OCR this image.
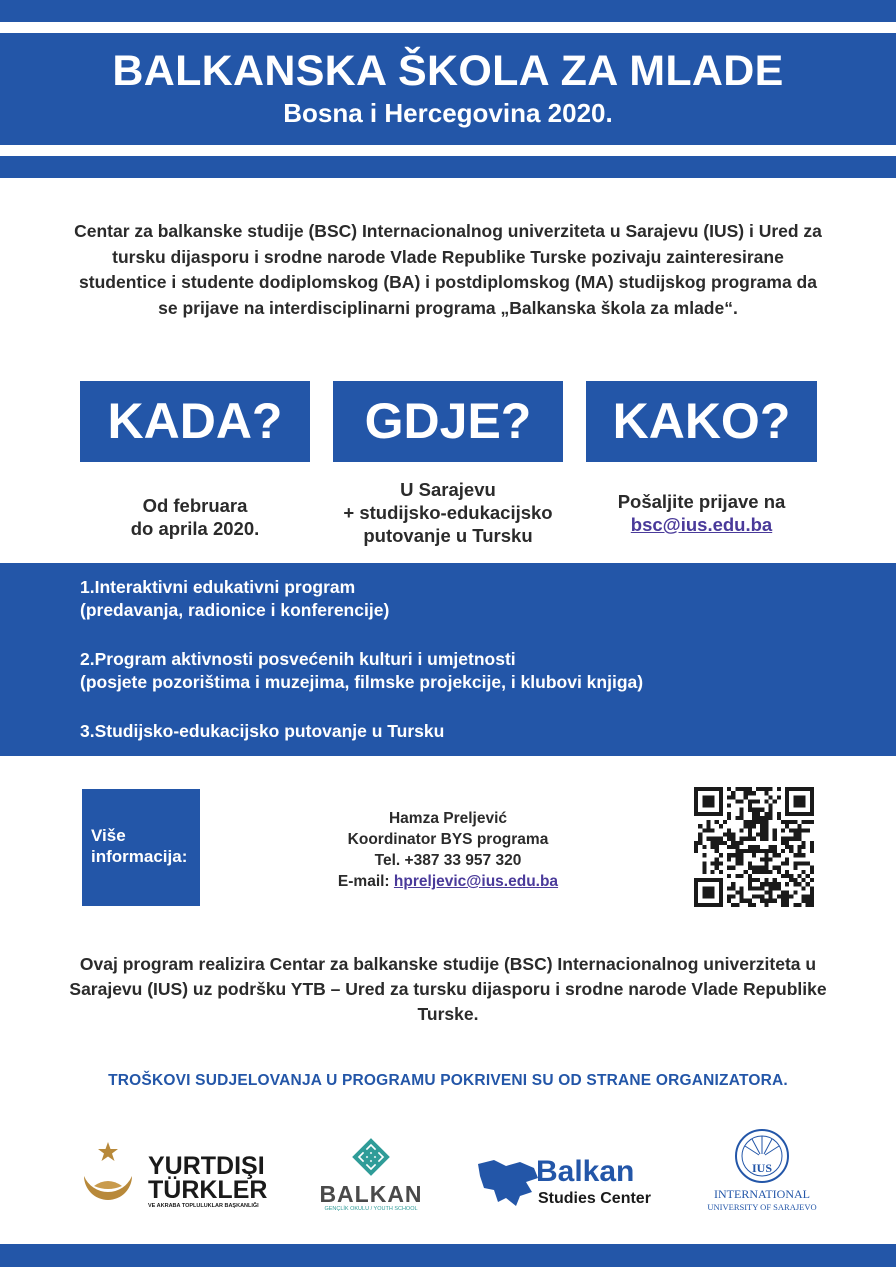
BALKANSKA ŠKOLA ZA MLADE
Bosna i Hercegovina 2020.

Centar za balkanske studije (BSC) Internacionalnog univerziteta u Sarajevu (IUS) i Ured za tursku dijasporu i srodne narode Vlade Republike Turske pozivaju zainteresirane studentice i studente dodiplomskog (BA) i postdiplomskog (MA) studijskog programa da se prijave na interdisciplinarni programa „Balkanska škola za mlade“.

KADA?	GDJE?	KAKO?
Od februara
do aprila 2020.
U Sarajevu
+ studijsko-edukacijsko
putovanje u Tursku
Pošaljite prijave na
bsc@ius.edu.ba
1.Interaktivni edukativni program
(predavanja, radionice i konferencije)
2.Program aktivnosti posvećenih kulturi i umjetnosti
(posjete pozorištima i muzejima, filmske projekcije, i klubovi knjiga)
3.Studijsko-edukacijsko putovanje u Tursku
Više
informacija:
Hamza Preljević
Koordinator BYS programa
Tel. +387 33 957 320
E-mail: hpreljevic@ius.edu.ba

Ovaj program realizira Centar za balkanske studije (BSC) Internacionalnog univerziteta u Sarajevu (IUS) uz podršku YTB – Ured za tursku dijasporu i srodne narode Vlade Republike Turske.

TROŠKOVI SUDJELOVANJA U PROGRAMU POKRIVENI SU OD STRANE ORGANIZATORA.
YURTDIŞI
TÜRKLER
VE AKRABA TOPLULUKLAR BAŞKANLIĞI	BALKAN
GENÇLİK OKULU / YOUTH SCHOOL
Balkan
Studies Center
IUS
INTERNATIONAL
UNIVERSITY OF SARAJEVO
